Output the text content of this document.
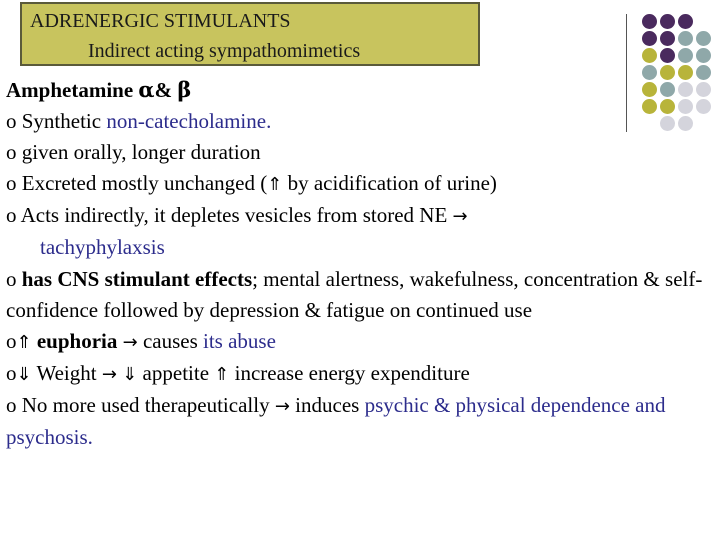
ADRENERGIC STIMULANTS
Indirect acting sympathomimetics
Amphetamine α& β
o Synthetic non-catecholamine.
o given orally, longer duration
o Excreted mostly unchanged (⇑ by acidification of urine)
o Acts indirectly, it depletes vesicles from stored NE →
tachyphylaxsis
o has CNS stimulant effects; mental alertness, wakefulness, concentration & self-confidence followed by depression & fatigue on continued use
o⇑ euphoria → causes its abuse
o⇓ Weight → ⇓ appetite ⇑ increase energy expenditure
o No more used therapeutically → induces psychic & physical dependence and psychosis.
